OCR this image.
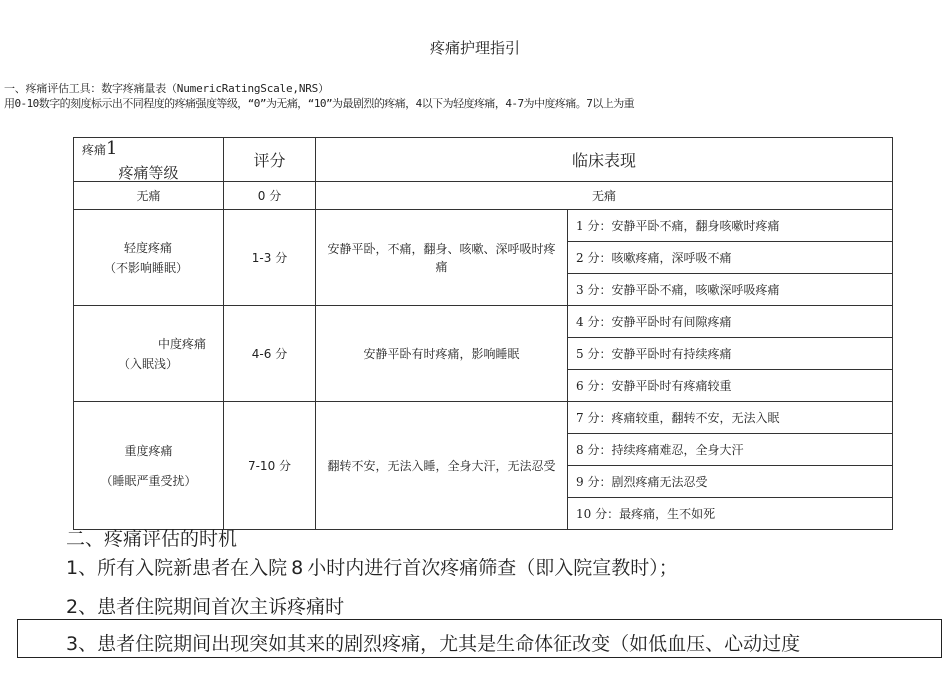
疼痛护理指引
一、疼痛评估工具：数字疼痛量表（NumericRatingScale,NRS）
用0-10数字的刻度标示出不同程度的疼痛强度等级，“0”为无痛，“10”为最剧烈的疼痛，4以下为轻度疼痛，4-7为中度疼痛。7以上为重
疼痛1
疼痛等级	评分	临床表现	
无痛	0 分	无痛	

轻度疼痛
（不影响睡眠）	1-3 分	安静平卧，不痛，翻身、咳嗽、深呼吸时疼痛	1 分：安静平卧不痛，翻身咳嗽时疼痛
			2 分：咳嗽疼痛，深呼吸不痛
			3 分：安静平卧不痛，咳嗽深呼吸疼痛

中度疼痛
（入眠浅）	4-6 分	安静平卧有时疼痛，影响睡眠	4 分：安静平卧时有间隙疼痛
			5 分：安静平卧时有持续疼痛
			6 分：安静平卧时有疼痛较重

重度疼痛
（睡眠严重受扰）	7-10 分	翻转不安，无法入睡，全身大汗，无法忍受	7 分：疼痛较重，翻转不安，无法入眠
			8 分：持续疼痛难忍，全身大汗
			9 分：剧烈疼痛无法忍受
			10 分：最疼痛，生不如死
二、疼痛评估的时机
1、所有入院新患者在入院 8 小时内进行首次疼痛筛查（即入院宣教时）；
2、患者住院期间首次主诉疼痛时
3、患者住院期间出现突如其来的剧烈疼痛，尤其是生命体征改变（如低血压、心动过度
